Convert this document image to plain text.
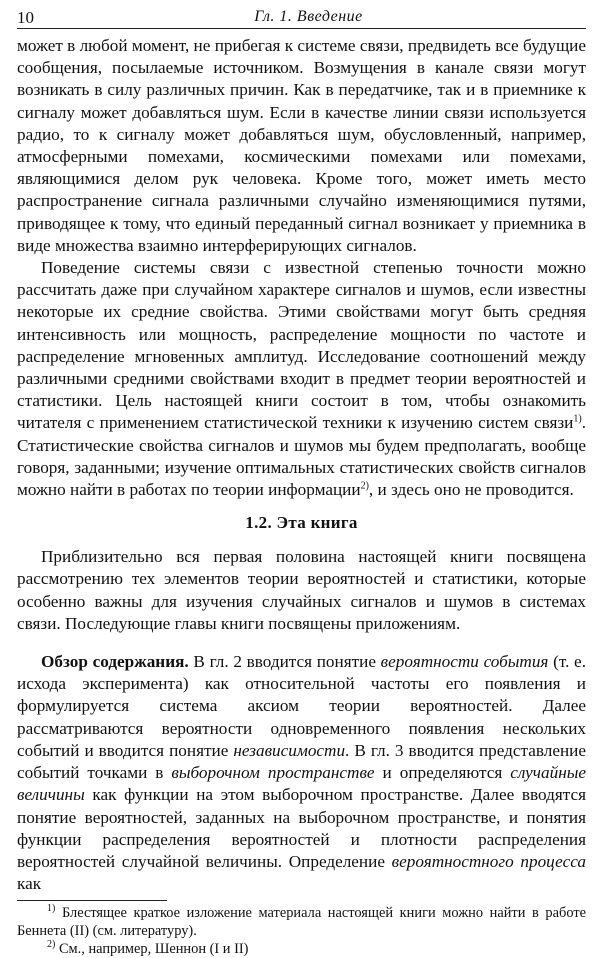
10	Гл. 1. Введение

может в любой момент, не прибегая к системе связи, предвидеть все будущие сообщения, посылаемые источником. Возмущения в канале связи могут возникать в силу различных причин. Как в передатчике, так и в приемнике к сигналу может добавляться шум. Если в качестве линии связи используется радио, то к сигналу может добавляться шум, обусловленный, например, атмосферными помехами, космическими помехами или помехами, являющимися делом рук человека. Кроме того, может иметь место распространение сигнала различными случайно изменяющимися путями, приводящее к тому, что единый переданный сигнал возникает у приемника в виде множества взаимно интерферирующих сигналов.

Поведение системы связи с известной степенью точности можно рассчитать даже при случайном характере сигналов и шумов, если известны некоторые их средние свойства. Этими свойствами могут быть средняя интенсивность или мощность, распределение мощности по частоте и распределение мгновенных амплитуд. Исследование соотношений между различными средними свойствами входит в предмет теории вероятностей и статистики. Цель настоящей книги состоит в том, чтобы ознакомить читателя с применением статистической техники к изучению систем связи$^{1)}$. Статистические свойства сигналов и шумов мы будем предполагать, вообще говоря, заданными; изучение оптимальных статистических свойств сигналов можно найти в работах по теории информации$^{2)}$, и здесь оно не проводится.

1.2. Эта книга

Приблизительно вся первая половина настоящей книги посвящена рассмотрению тех элементов теории вероятностей и статистики, которые особенно важны для изучения случайных сигналов и шумов в системах связи. Последующие главы книги посвящены приложениям.

Обзор содержания. В гл. 2 вводится понятие вероятности события (т. е. исхода эксперимента) как относительной частоты его появления и формулируется система аксиом теории вероятностей. Далее рассматриваются вероятности одновременного появления нескольких событий и вводится понятие независимости. В гл. 3 вводится представление событий точками в выборочном пространстве и определяются случайные величины как функции на этом выборочном пространстве. Далее вводятся понятие вероятностей, заданных на выборочном пространстве, и понятия функции распределения вероятностей и плотности распределения вероятностей случайной величины. Определение вероятностного процесса как

$^{1)}$ Блестящее краткое изложение материала настоящей книги можно найти в работе Беннета (II) (см. литературу).
$^{2)}$ См., например, Шеннон (I и II)
